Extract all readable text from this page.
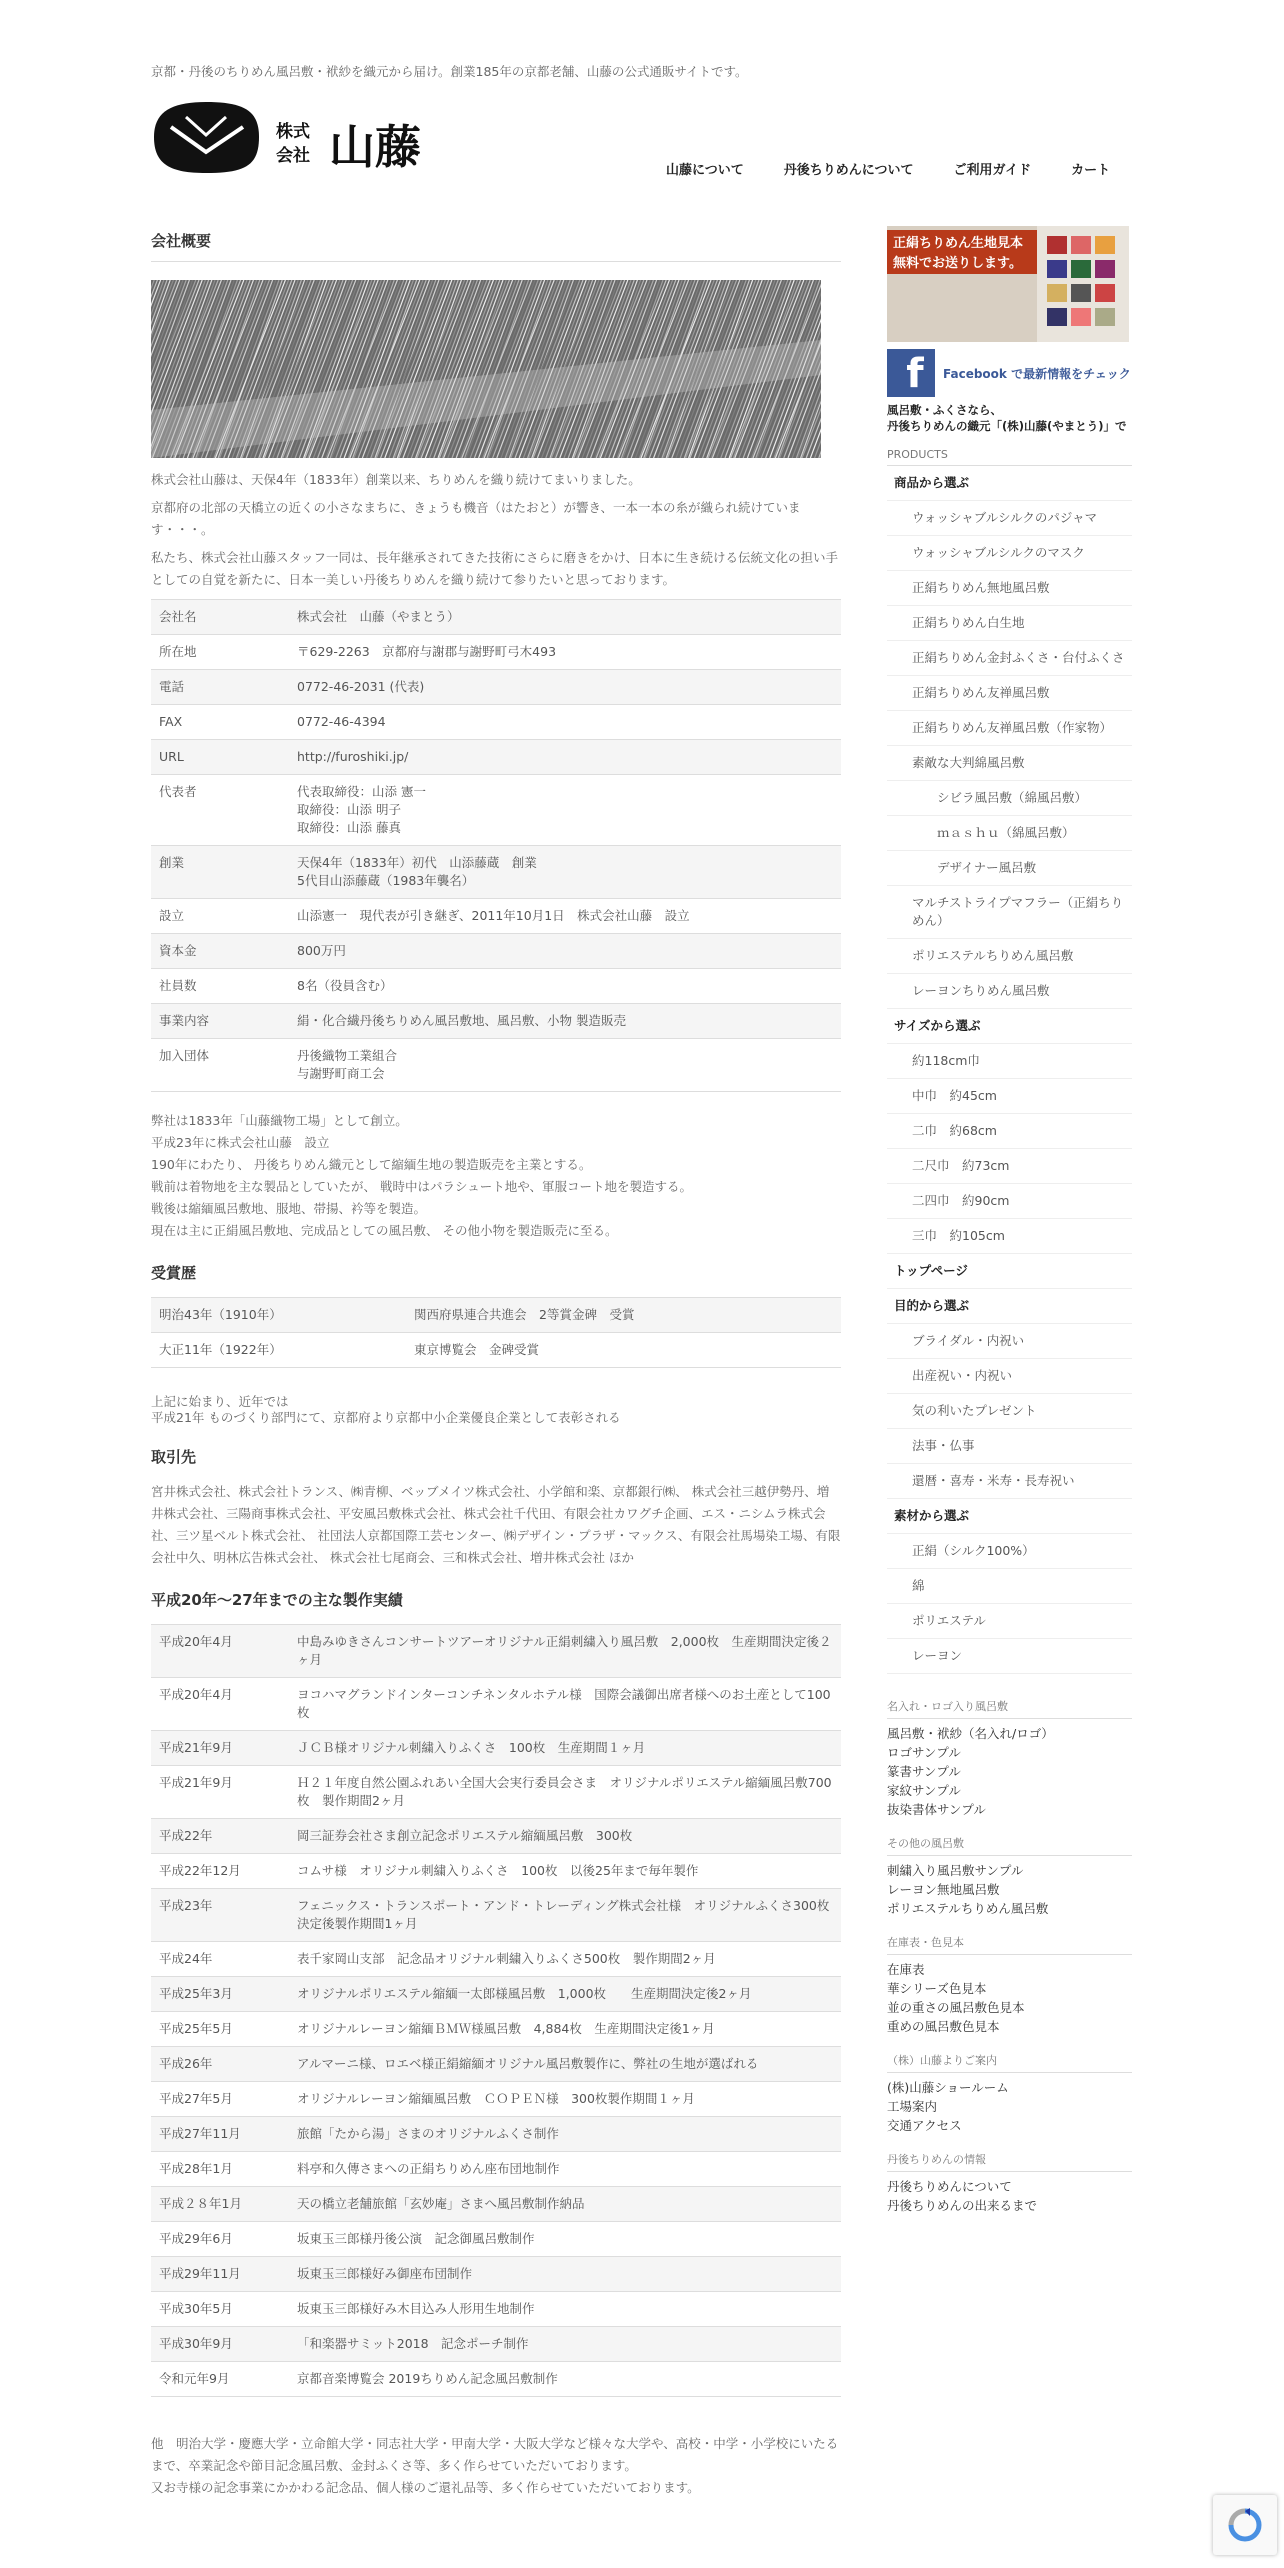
京都・丹後のちりめん風呂敷・袱紗を織元から届け。創業185年の京都老舗、山藤の公式通販サイトです。
株式
会社 山藤	山藤について	丹後ちりめんについて	ご利用ガイド	カート
会社概要

株式会社山藤は、天保4年（1833年）創業以来、ちりめんを織り続けてまいりました。

京都府の北部の天橋立の近くの小さなまちに、きょうも機音（はたおと）が響き、一本一本の糸が織られ続けています・・・。

私たち、株式会社山藤スタッフ一同は、長年継承されてきた技術にさらに磨きをかけ、日本に生き続ける伝統文化の担い手としての自覚を新たに、日本一美しい丹後ちりめんを織り続けて参りたいと思っております。

会社名	株式会社　山藤（やまとう）
所在地	〒629-2263　京都府与謝郡与謝野町弓木493
電話	0772-46-2031 (代表)
FAX	0772-46-4394
URL	http://furoshiki.jp/
代表者	代表取締役：山添 憲一
取締役：山添 明子
取締役：山添 藤真
創業	天保4年（1833年）初代　山添藤蔵　創業
5代目山添藤蔵（1983年襲名）
設立	山添憲一　現代表が引き継ぎ、2011年10月1日　株式会社山藤　設立
資本金	800万円
社員数	8名（役員含む）
事業内容	絹・化合繊丹後ちりめん風呂敷地、風呂敷、小物 製造販売
加入団体	丹後織物工業組合
与謝野町商工会
弊社は1833年「山藤織物工場」として創立。
平成23年に株式会社山藤　設立
190年にわたり、 丹後ちりめん織元として縮緬生地の製造販売を主業とする。
戦前は着物地を主な製品としていたが、 戦時中はパラシュート地や、軍服コート地を製造する。
戦後は縮緬風呂敷地、服地、帯揚、衿等を製造。
現在は主に正絹風呂敷地、完成品としての風呂敷、 その他小物を製造販売に至る。
受賞歴
明治43年（1910年）	関西府県連合共進会　2等賞金碑　受賞
大正11年（1922年）	東京博覧会　金碑受賞
上記に始まり、近年では
平成21年 ものづくり部門にて、京都府より京都中小企業優良企業として表彰される
取引先

宮井株式会社、株式会社トランス、㈱青柳、ベッブメイツ株式会社、小学館和楽、京都銀行㈱、 株式会社三越伊勢丹、増井株式会社、三陽商事株式会社、平安風呂敷株式会社、株式会社千代田、有限会社カワグチ企画、エス・ニシムラ株式会社、三ツ星ベルト株式会社、 社団法人京都国際工芸センター、㈱デザイン・プラザ・マックス、有限会社馬場染工場、有限会社中久、明林広告株式会社、 株式会社七尾商会、三和株式会社、増井株式会社 ほか

平成20年～27年までの主な製作実績
平成20年4月	中島みゆきさんコンサートツアーオリジナル正絹刺繍入り風呂敷　2,000枚　生産期間決定後２ヶ月
平成20年4月	ヨコハマグランドインターコンチネンタルホテル様　国際会議御出席者様へのお土産として100枚
平成21年9月	ＪＣＢ様オリジナル刺繍入りふくさ　100枚　生産期間１ヶ月
平成21年9月	Ｈ２１年度自然公園ふれあい全国大会実行委員会さま　オリジナルポリエステル縮緬風呂敷700枚　製作期間2ヶ月
平成22年	岡三証券会社さま創立記念ポリエステル縮緬風呂敷　300枚
平成22年12月	コムサ様　オリジナル刺繍入りふくさ　100枚　以後25年まで毎年製作
平成23年	フェニックス・トランスポート・アンド・トレーディング株式会社様　オリジナルふくさ300枚　決定後製作期間1ヶ月
平成24年	表千家岡山支部　記念品オリジナル刺繍入りふくさ500枚　製作期間2ヶ月
平成25年3月	オリジナルポリエステル縮緬一太郎様風呂敷　1,000枚　　生産期間決定後2ヶ月
平成25年5月	オリジナルレーヨン縮緬ＢＭＷ様風呂敷　4,884枚　生産期間決定後1ヶ月
平成26年	アルマーニ様、ロエベ様正絹縮緬オリジナル風呂敷製作に、弊社の生地が選ばれる
平成27年5月	オリジナルレーヨン縮緬風呂敷　ＣＯＰＥＮ様　300枚製作期間１ヶ月
平成27年11月	旅館「たから湯」さまのオリジナルふくさ制作
平成28年1月	料亭和久傳さまへの正絹ちりめん座布団地制作
平成２８年1月	天の橋立老舗旅館「玄妙庵」さまへ風呂敷制作納品
平成29年6月	坂東玉三郎様丹後公演　記念御風呂敷制作
平成29年11月	坂東玉三郎様好み御座布団制作
平成30年5月	坂東玉三郎様好み木目込み人形用生地制作
平成30年9月	「和楽器サミット2018　記念ポーチ制作
令和元年9月	京都音楽博覧会 2019ちりめん記念風呂敷制作
他　明治大学・慶應大学・立命館大学・同志社大学・甲南大学・大阪大学など様々な大学や、高校・中学・小学校にいたるまで、卒業記念や節目記念風呂敷、金封ふくさ等、多く作らせていただいております。
又お寺様の記念事業にかかわる記念品、個人様のご還礼品等、多く作らせていただいております。
正絹ちりめん生地見本
無料でお送りします。
f	Facebook で最新情報をチェック
風呂敷・ふくさなら、
丹後ちりめんの織元「(株)山藤(やまとう)」で
PRODUCTS
商品から選ぶ
ウォッシャブルシルクのパジャマ
ウォッシャブルシルクのマスク
正絹ちりめん無地風呂敷
正絹ちりめん白生地
正絹ちりめん金封ふくさ・台付ふくさ
正絹ちりめん友禅風呂敷
正絹ちりめん友禅風呂敷（作家物）
素敵な大判綿風呂敷
シビラ風呂敷（綿風呂敷）
ｍａｓｈｕ（綿風呂敷）
デザイナー風呂敷
マルチストライプマフラー（正絹ちりめん）
ポリエステルちりめん風呂敷
レーヨンちりめん風呂敷
サイズから選ぶ
約118cm巾
中巾　約45cm
二巾　約68cm
二尺巾　約73cm
二四巾　約90cm
三巾　約105cm
トップページ
目的から選ぶ
ブライダル・内祝い
出産祝い・内祝い
気の利いたプレゼント
法事・仏事
還暦・喜寿・米寿・長寿祝い
素材から選ぶ
正絹（シルク100%）
綿
ポリエステル
レーヨン
名入れ・ロゴ入り風呂敷
風呂敷・袱紗（名入れ/ロゴ）
ロゴサンプル
篆書サンプル
家紋サンプル
抜染書体サンプル
その他の風呂敷
刺繍入り風呂敷サンプル
レーヨン無地風呂敷
ポリエステルちりめん風呂敷
在庫表・色見本
在庫表
華シリーズ色見本
並の重さの風呂敷色見本
重めの風呂敷色見本
（株）山藤よりご案内
(株)山藤ショールーム
工場案内
交通アクセス
丹後ちりめんの情報
丹後ちりめんについて
丹後ちりめんの出来るまで
